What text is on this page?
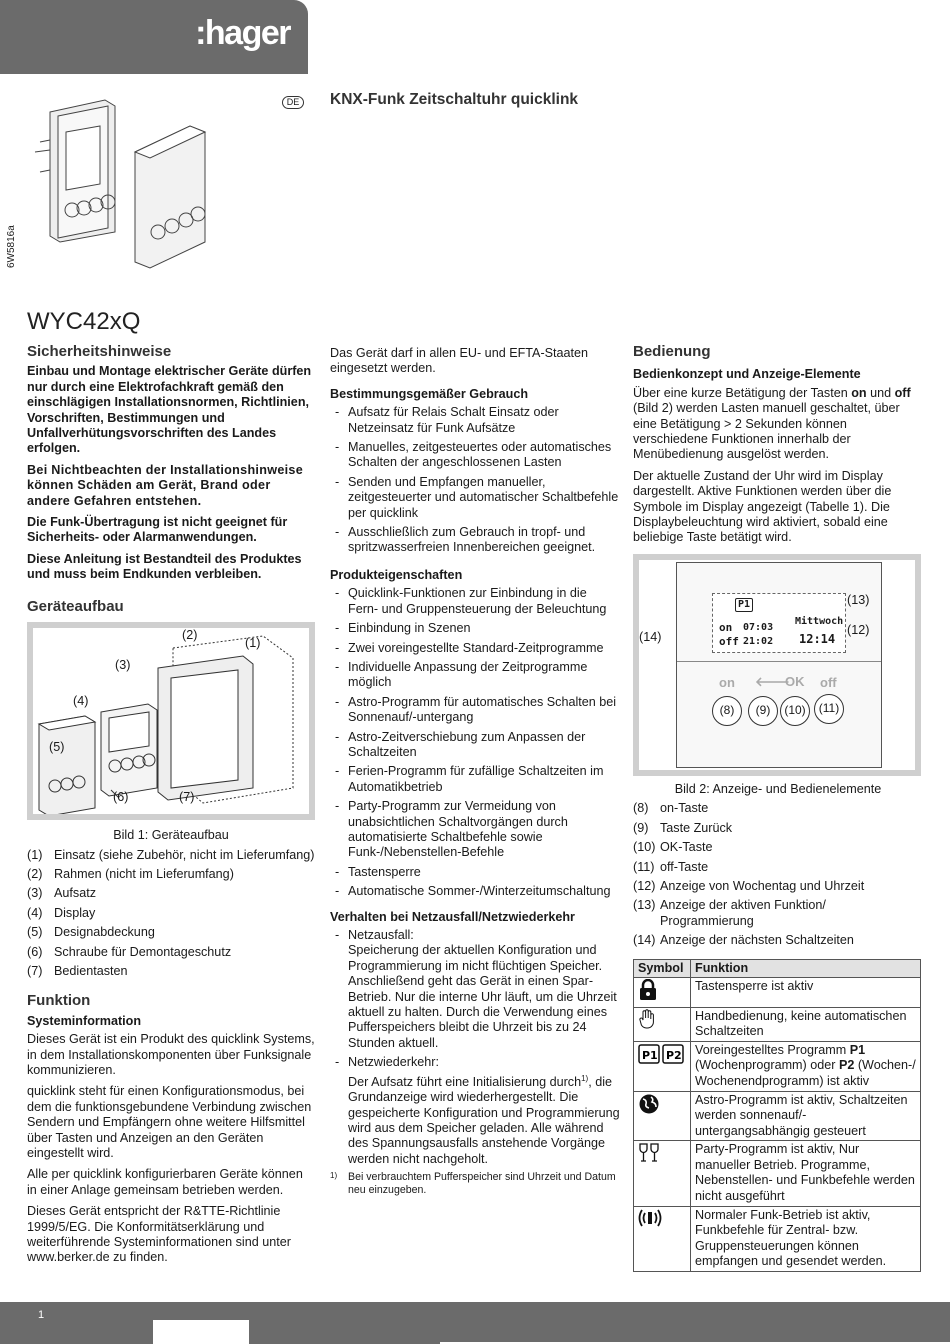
:hager
DE	KNX-Funk Zeitschaltuhr quicklink
6W5816a
WYC42xQ
Sicherheitshinweise

Einbau und Montage elektrischer Geräte dürfen nur durch eine Elektrofachkraft gemäß den einschlägigen Installationsnormen, Richtlinien, Vorschriften, Bestimmungen und Unfallverhütungsvorschriften des Landes erfolgen.

Bei Nichtbeachten der Installationshinweise können Schäden am Gerät, Brand oder andere Gefahren entstehen.

Die Funk-Übertragung ist nicht geeignet für Sicherheits- oder Alarmanwendungen.

Diese Anleitung ist Bestandteil des Produktes und muss beim Endkunden verbleiben.

Geräteaufbau
(2)
(1)
(3)
(4)
(5)
(6)	(7)
Bild 1: Geräteaufbau
(1) Einsatz (siehe Zubehör, nicht im Lieferumfang)
(2) Rahmen (nicht im Lieferumfang)
(3) Aufsatz
(4) Display
(5) Designabdeckung
(6) Schraube für Demontageschutz
(7) Bedientasten
Funktion
Systeminformation

Dieses Gerät ist ein Produkt des quicklink Systems, in dem Installationskomponenten über Funksignale kommunizieren.

quicklink steht für einen Konfigurationsmodus, bei dem die funktionsgebundene Verbindung zwischen Sendern und Empfängern ohne weitere Hilfsmittel über Tasten und Anzeigen an den Geräten eingestellt wird.

Alle per quicklink konfigurierbaren Geräte können in einer Anlage gemeinsam betrieben werden.

Dieses Gerät entspricht der R&TTE-Richtlinie 1999/5/EG. Die Konformitätserklärung und weiterführende Systeminformationen sind unter www.berker.de zu finden.

Das Gerät darf in allen EU- und EFTA-Staaten eingesetzt werden.

Bestimmungsgemäßer Gebrauch
- Aufsatz für Relais Schalt Einsatz oder Netzeinsatz für Funk Aufsätze
- Manuelles, zeitgesteuertes oder automatisches Schalten der angeschlossenen Lasten
- Senden und Empfangen manueller, zeitgesteuerter und automatischer Schaltbefehle per quicklink
- Ausschließlich zum Gebrauch in tropf- und spritzwasserfreien Innenbereichen geeignet.
Produkteigenschaften
- Quicklink-Funktionen zur Einbindung in die Fern- und Gruppensteuerung der Beleuchtung
- Einbindung in Szenen
- Zwei voreingestellte Standard-Zeitprogramme
- Individuelle Anpassung der Zeitprogramme möglich
- Astro-Programm für automatisches Schalten bei Sonnenauf/-untergang
- Astro-Zeitverschiebung zum Anpassen der Schaltzeiten
- Ferien-Programm für zufällige Schaltzeiten im Automatikbetrieb
- Party-Programm zur Vermeidung von unabsichtlichen Schaltvorgängen durch automatisierte Schaltbefehle sowie Funk-/Nebenstellen-Befehle
- Tastensperre
- Automatische Sommer-/Winterzeitumschaltung
Verhalten bei Netzausfall/Netzwiederkehr
- Netzausfall:
Speicherung der aktuellen Konfiguration und Programmierung im nicht flüchtigen Speicher. Anschließend geht das Gerät in einen Spar-Betrieb. Nur die interne Uhr läuft, um die Uhrzeit aktuell zu halten. Durch die Verwendung eines Pufferspeichers bleibt die Uhrzeit bis zu 24 Stunden aktuell.
- Netzwiederkehr:
Der Aufsatz führt eine Initialisierung durch$^{1)}$, die Grundanzeige wird wiederhergestellt. Die gespeicherte Konfiguration und Programmierung wird aus dem Speicher geladen. Alle während des Spannungsausfalls anstehende Vorgänge werden nicht nachgeholt.
1) Bei verbrauchtem Pufferspeicher sind Uhrzeit und Datum neu einzugeben.
Bedienung
Bedienkonzept und Anzeige-Elemente

Über eine kurze Betätigung der Tasten on und off (Bild 2) werden Lasten manuell geschaltet, über eine Betätigung > 2 Sekunden können verschiedene Funktionen innerhalb der Menübedienung ausgelöst werden.

Der aktuelle Zustand der Uhr wird im Display dargestellt. Aktive Funktionen werden über die Symbole im Display angezeigt (Tabelle 1). Die Displaybeleuchtung wird aktiviert, sobald eine beliebige Taste betätigt wird.

P1
on 07:03
off 21:02
Mittwoch
12:14
(13)
(12)
on 🡐
OK off
(8)	(9)	(10)	(11)
(14)
Bild 2: Anzeige- und Bedienelemente
(8) on-Taste
(9) Taste Zurück
(10) OK-Taste
(11) off-Taste
(12) Anzeige von Wochentag und Uhrzeit
(13) Anzeige der aktiven Funktion/ Programmierung
(14) Anzeige der nächsten Schaltzeiten
Symbol	Funktion
	Tastensperre ist aktiv
	Handbedienung, keine automatischen Schaltzeiten

P1 P2	Voreingestelltes Programm P1 (Wochenprogramm) oder P2 (Wochen-/ Wochenendprogramm) ist aktiv
	Astro-Programm ist aktiv, Schaltzeiten werden sonnenauf/-untergangsabhängig gesteuert
	Party-Programm ist aktiv, Nur manueller Betrieb. Programme, Nebenstellen- und Funkbefehle werden nicht ausgeführt
	Normaler Funk-Betrieb ist aktiv, Funkbefehle für Zentral- bzw. Gruppensteuerungen können empfangen und gesendet werden.
1
